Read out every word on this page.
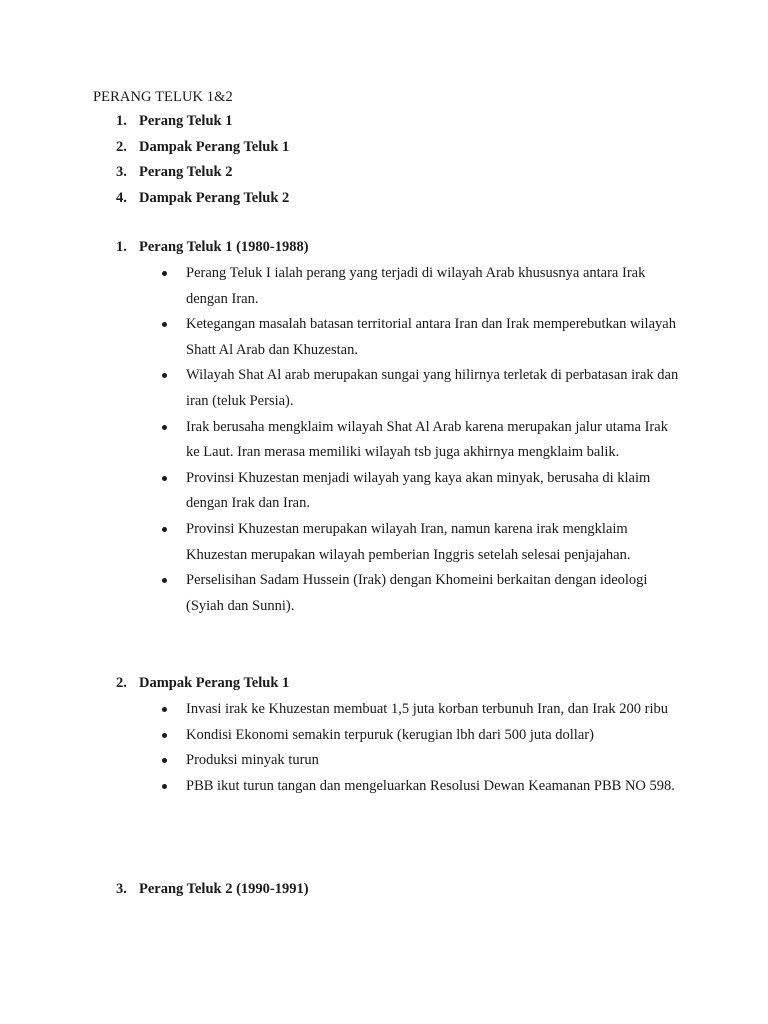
PERANG TELUK 1&2
1. Perang Teluk 1
2. Dampak Perang Teluk 1
3. Perang Teluk 2
4. Dampak Perang Teluk 2
1. Perang Teluk 1 (1980-1988)
Perang Teluk I ialah perang yang terjadi di wilayah Arab khususnya antara Irak dengan Iran.
Ketegangan masalah batasan territorial antara Iran dan Irak memperebutkan wilayah Shatt Al Arab dan Khuzestan.
Wilayah Shat Al arab merupakan sungai yang hilirnya terletak di perbatasan irak dan iran (teluk Persia).
Irak berusaha mengklaim wilayah Shat Al Arab karena merupakan jalur utama Irak ke Laut. Iran merasa memiliki wilayah tsb juga akhirnya mengklaim balik.
Provinsi Khuzestan menjadi wilayah yang kaya akan minyak, berusaha di klaim dengan Irak dan Iran.
Provinsi Khuzestan merupakan wilayah Iran, namun karena irak mengklaim Khuzestan merupakan wilayah pemberian Inggris setelah selesai penjajahan.
Perselisihan Sadam Hussein (Irak) dengan Khomeini berkaitan dengan ideologi (Syiah dan Sunni).
2. Dampak Perang Teluk 1
Invasi irak ke Khuzestan membuat 1,5 juta korban terbunuh Iran, dan Irak 200 ribu
Kondisi Ekonomi semakin terpuruk (kerugian lbh dari 500 juta dollar)
Produksi minyak turun
PBB ikut turun tangan dan mengeluarkan Resolusi Dewan Keamanan PBB NO 598.
3. Perang Teluk 2 (1990-1991)
